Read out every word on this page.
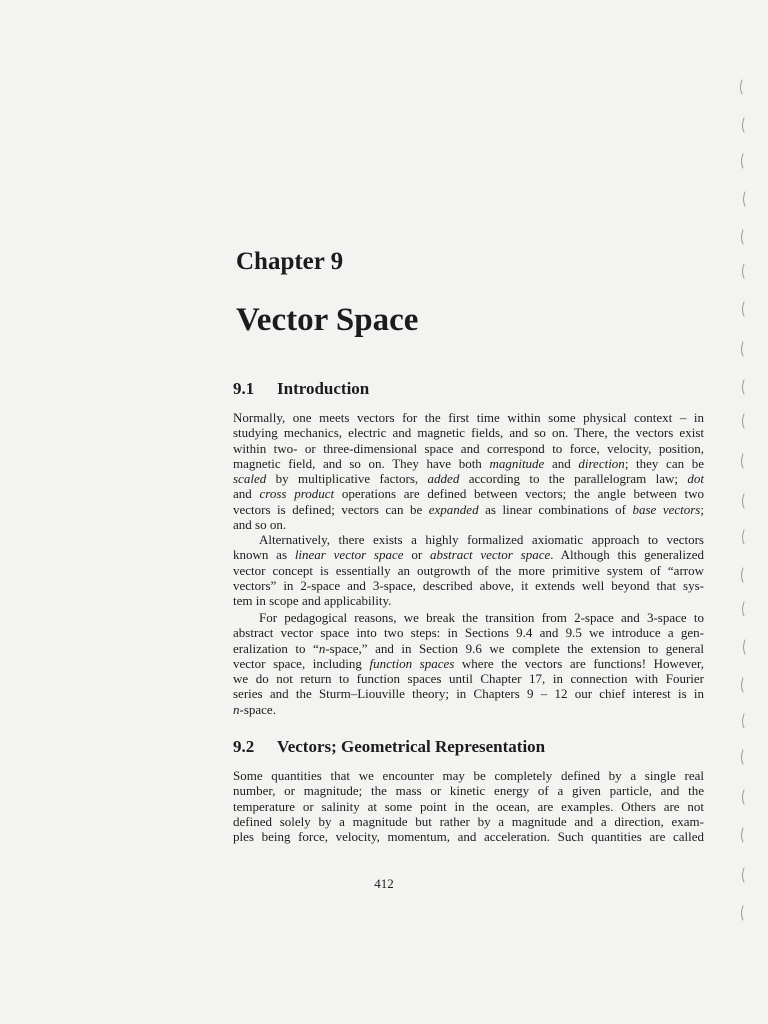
Chapter 9
Vector Space
9.1 Introduction

Normally, one meets vectors for the first time within some physical context – in
studying mechanics, electric and magnetic fields, and so on. There, the vectors exist
within two- or three-dimensional space and correspond to force, velocity, position,
magnetic field, and so on. They have both magnitude and direction; they can be
scaled by multiplicative factors, added according to the parallelogram law; dot
and cross product operations are defined between vectors; the angle between two
vectors is defined; vectors can be expanded as linear combinations of base vectors;
and so on.

Alternatively, there exists a highly formalized axiomatic approach to vectors
known as linear vector space or abstract vector space. Although this generalized
vector concept is essentially an outgrowth of the more primitive system of “arrow
vectors” in 2-space and 3-space, described above, it extends well beyond that sys-
tem in scope and applicability.

For pedagogical reasons, we break the transition from 2-space and 3-space to
abstract vector space into two steps: in Sections 9.4 and 9.5 we introduce a gen-
eralization to “n-space,” and in Section 9.6 we complete the extension to general
vector space, including function spaces where the vectors are functions! However,
we do not return to function spaces until Chapter 17, in connection with Fourier
series and the Sturm–Liouville theory; in Chapters 9 – 12 our chief interest is in
n-space.

9.2 Vectors; Geometrical Representation

Some quantities that we encounter may be completely defined by a single real
number, or magnitude; the mass or kinetic energy of a given particle, and the
temperature or salinity at some point in the ocean, are examples. Others are not
defined solely by a magnitude but rather by a magnitude and a direction, exam-
ples being force, velocity, momentum, and acceleration. Such quantities are called

412
